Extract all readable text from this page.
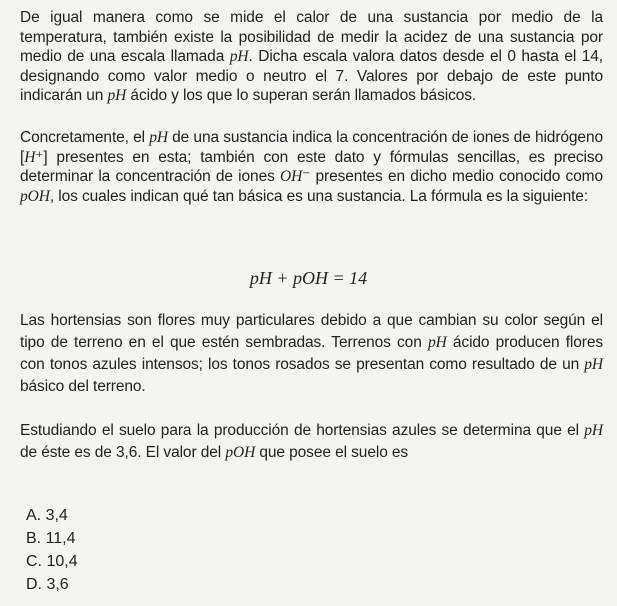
De igual manera como se mide el calor de una sustancia por medio de la temperatura, también existe la posibilidad de medir la acidez de una sustancia por medio de una escala llamada pH. Dicha escala valora datos desde el 0 hasta el 14, designando como valor medio o neutro el 7. Valores por debajo de este punto indicarán un pH ácido y los que lo superan serán llamados básicos.

Concretamente, el pH de una sustancia indica la concentración de iones de hidrógeno [H⁺] presentes en esta; también con este dato y fórmulas sencillas, es preciso determinar la concentración de iones OH⁻ presentes en dicho medio conocido como pOH, los cuales indican qué tan básica es una sustancia. La fórmula es la siguiente:

pH + pOH = 14

Las hortensias son flores muy particulares debido a que cambian su color según el tipo de terreno en el que estén sembradas. Terrenos con pH ácido producen flores con tonos azules intensos; los tonos rosados se presentan como resultado de un pH básico del terreno.

Estudiando el suelo para la producción de hortensias azules se determina que el pH de éste es de 3,6. El valor del pOH que posee el suelo es

A. 3,4
B. 11,4
C. 10,4
D. 3,6
